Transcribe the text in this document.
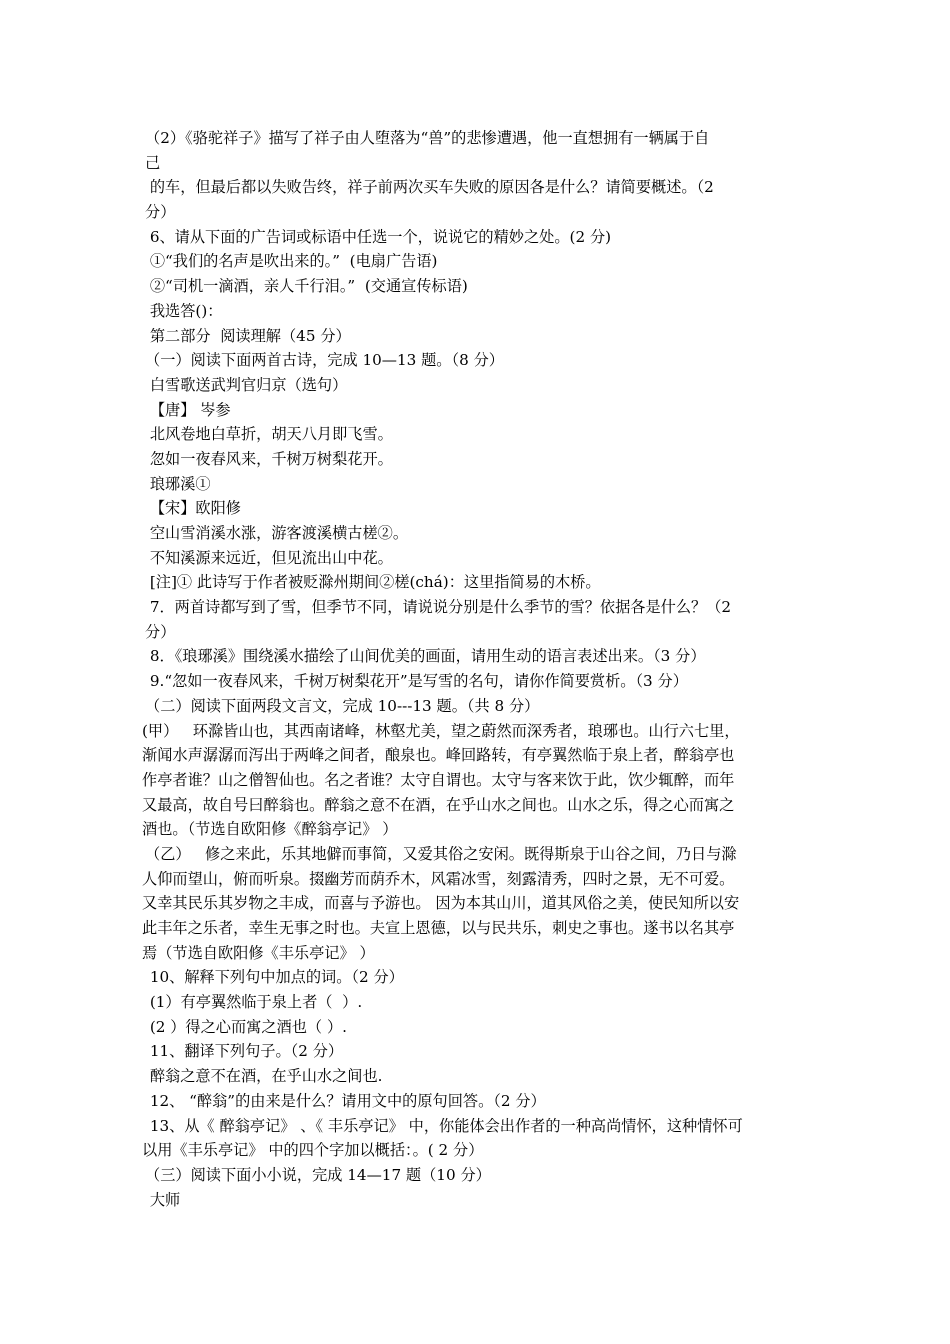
（2）《骆驼祥子》描写了祥子由人堕落为“兽”的悲惨遭遇，他一直想拥有一辆属于自
己
的车，但最后都以失败告终，祥子前两次买车失败的原因各是什么？请简要概述。（2
分）
6、请从下面的广告词或标语中任选一个，说说它的精妙之处。(2 分)
①“我们的名声是吹出来的。”  (电扇广告语)
②“司机一滴酒，亲人千行泪。”  (交通宣传标语)
我选答()：
第二部分  阅读理解（45 分）
（一）阅读下面两首古诗，完成 10—13 题。（8 分）
白雪歌送武判官归京（选句）
【唐】 岑参
北风卷地白草折，胡天八月即飞雪。
忽如一夜春风来，千树万树梨花开。
琅琊溪①
【宋】欧阳修
空山雪消溪水涨，游客渡溪横古槎②。
不知溪源来远近，但见流出山中花。
[注]① 此诗写于作者被贬滁州期间②槎(chá)：这里指简易的木桥。
7．两首诗都写到了雪，但季节不同，请说说分别是什么季节的雪？依据各是什么？（2
分）
8．《琅琊溪》围绕溪水描绘了山间优美的画面，请用生动的语言表述出来。（3 分）
9.“忽如一夜春风来，千树万树梨花开”是写雪的名句，请你作简要赏析。（3 分）
（二）阅读下面两段文言文，完成 10---13 题。（共 8 分）
(甲）   环滁皆山也，其西南诸峰，林壑尤美，望之蔚然而深秀者，琅琊也。山行六七里，
渐闻水声潺潺而泻出于两峰之间者，酿泉也。峰回路转，有亭翼然临于泉上者，醉翁亭也
作亭者谁？山之僧智仙也。名之者谁？太守自谓也。太守与客来饮于此，饮少辄醉，而年
又最高，故自号曰醉翁也。醉翁之意不在酒，在乎山水之间也。山水之乐，得之心而寓之
酒也。（节选自欧阳修《醉翁亭记》 ）
（乙）   修之来此，乐其地僻而事简，又爱其俗之安闲。既得斯泉于山谷之间，乃日与滁
人仰而望山，俯而听泉。掇幽芳而荫乔木，风霜冰雪，刻露清秀，四时之景，无不可爱。
又幸其民乐其岁物之丰成，而喜与予游也。 因为本其山川，道其风俗之美，使民知所以安
此丰年之乐者，幸生无事之时也。夫宣上恩德，以与民共乐，刺史之事也。遂书以名其亭
焉（节选自欧阳修《丰乐亭记》 ）
10、解释下列句中加点的词。（2 分）
(1）有亭翼然临于泉上者（  ）.
(2 ）得之心而寓之酒也（ ）.
11、翻译下列句子。（2 分）
醉翁之意不在酒，在乎山水之间也.
12、 “醉翁”的由来是什么？请用文中的原句回答。（2 分）
13、从《 醉翁亭记》 、《 丰乐亭记》 中，你能体会出作者的一种高尚情怀，这种情怀可
以用《丰乐亭记》 中的四个字加以概括：。( 2 分）
（三）阅读下面小小说，完成 14—17 题（10 分）
大师
